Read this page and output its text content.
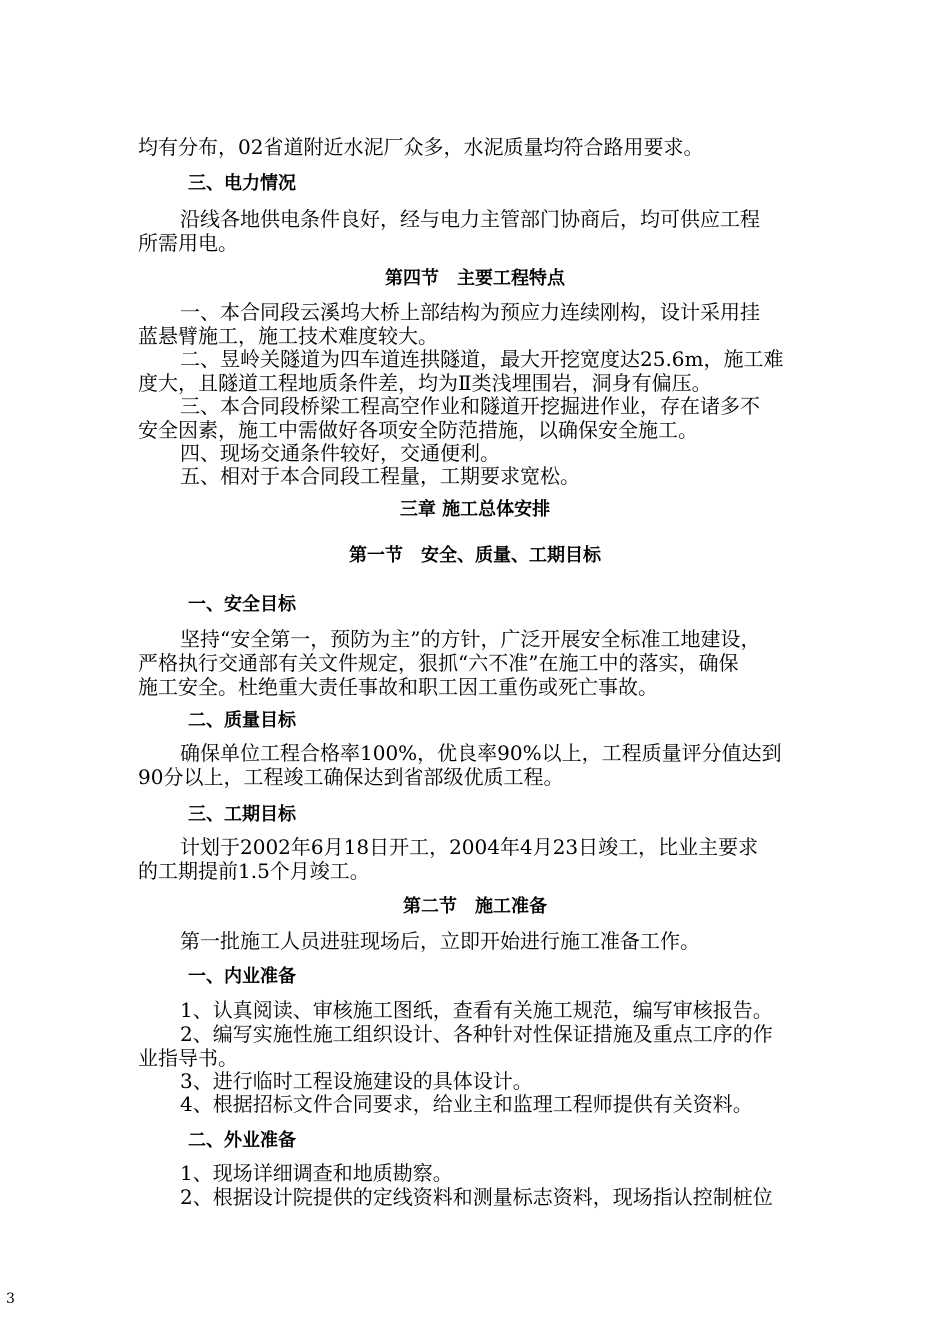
均有分布，02省道附近水泥厂众多，水泥质量均符合路用要求。

三、电力情况

沿线各地供电条件良好，经与电力主管部门协商后，均可供应工程

所需用电。

第四节　主要工程特点

一、本合同段云溪坞大桥上部结构为预应力连续刚构，设计采用挂

蓝悬臂施工，施工技术难度较大。

二、昱岭关隧道为四车道连拱隧道，最大开挖宽度达25.6m，施工难

度大，且隧道工程地质条件差，均为Ⅱ类浅埋围岩，洞身有偏压。

三、本合同段桥梁工程高空作业和隧道开挖掘进作业，存在诸多不

安全因素，施工中需做好各项安全防范措施，以确保安全施工。

四、现场交通条件较好，交通便利。

五、相对于本合同段工程量，工期要求宽松。

三章 施工总体安排

第一节　安全、质量、工期目标

一、安全目标

坚持“安全第一，预防为主”的方针，广泛开展安全标准工地建设，

严格执行交通部有关文件规定，狠抓“六不准”在施工中的落实，确保

施工安全。杜绝重大责任事故和职工因工重伤或死亡事故。

二、质量目标

确保单位工程合格率100%，优良率90%以上，工程质量评分值达到

90分以上，工程竣工确保达到省部级优质工程。

三、工期目标

计划于2002年6月18日开工，2004年4月23日竣工，比业主要求

的工期提前1.5个月竣工。

第二节　施工准备

第一批施工人员进驻现场后，立即开始进行施工准备工作。

一、内业准备

1、认真阅读、审核施工图纸，查看有关施工规范，编写审核报告。

2、编写实施性施工组织设计、各种针对性保证措施及重点工序的作

业指导书。

3、进行临时工程设施建设的具体设计。

4、根据招标文件合同要求，给业主和监理工程师提供有关资料。

二、外业准备

1、现场详细调查和地质勘察。

2、根据设计院提供的定线资料和测量标志资料，现场指认控制桩位

3
